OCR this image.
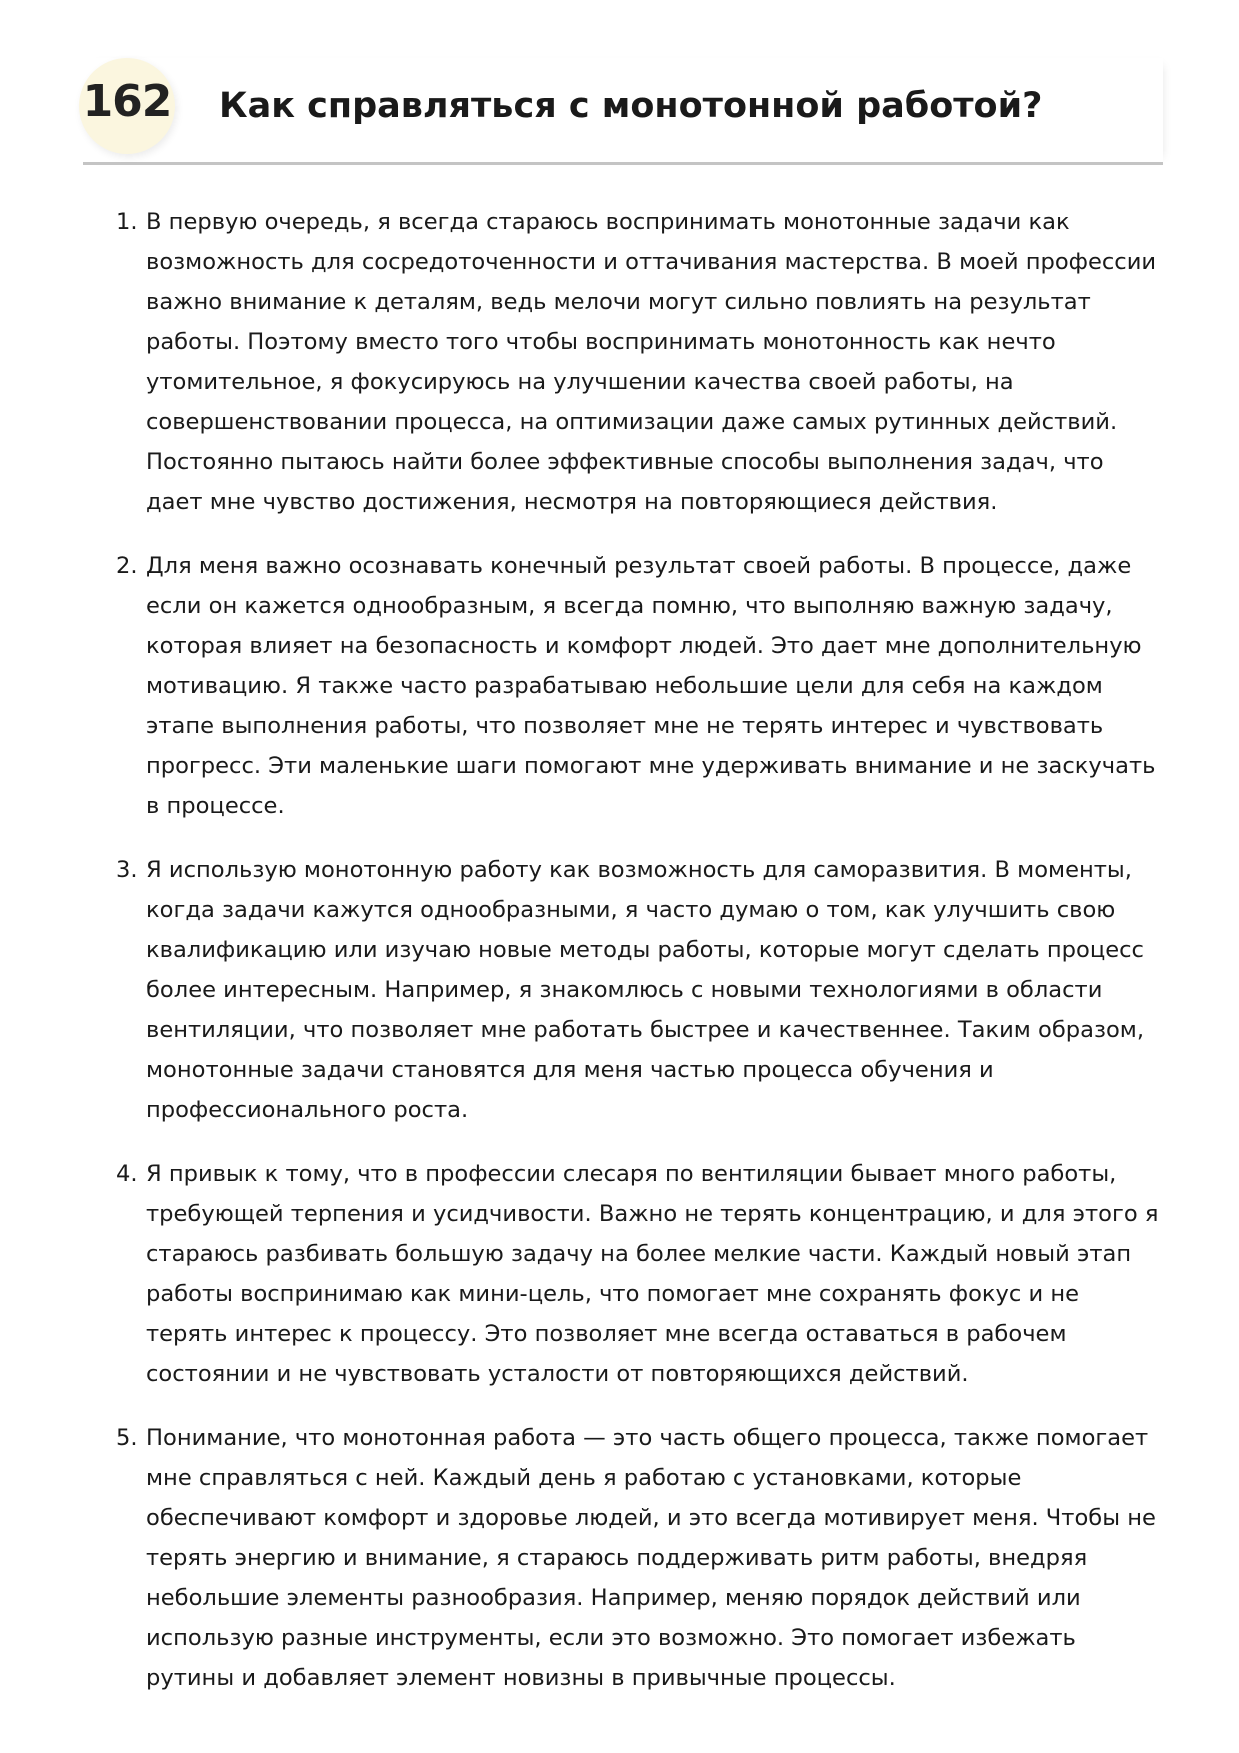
162 Как справляться с монотонной работой?
1. В первую очередь, я всегда стараюсь воспринимать монотонные задачи как возможность для сосредоточенности и оттачивания мастерства. В моей профессии важно внимание к деталям, ведь мелочи могут сильно повлиять на результат работы. Поэтому вместо того чтобы воспринимать монотонность как нечто утомительное, я фокусируюсь на улучшении качества своей работы, на совершенствовании процесса, на оптимизации даже самых рутинных действий. Постоянно пытаюсь найти более эффективные способы выполнения задач, что дает мне чувство достижения, несмотря на повторяющиеся действия.
2. Для меня важно осознавать конечный результат своей работы. В процессе, даже если он кажется однообразным, я всегда помню, что выполняю важную задачу, которая влияет на безопасность и комфорт людей. Это дает мне дополнительную мотивацию. Я также часто разрабатываю небольшие цели для себя на каждом этапе выполнения работы, что позволяет мне не терять интерес и чувствовать прогресс. Эти маленькие шаги помогают мне удерживать внимание и не заскучать в процессе.
3. Я использую монотонную работу как возможность для саморазвития. В моменты, когда задачи кажутся однообразными, я часто думаю о том, как улучшить свою квалификацию или изучаю новые методы работы, которые могут сделать процесс более интересным. Например, я знакомлюсь с новыми технологиями в области вентиляции, что позволяет мне работать быстрее и качественнее. Таким образом, монотонные задачи становятся для меня частью процесса обучения и профессионального роста.
4. Я привык к тому, что в профессии слесаря по вентиляции бывает много работы, требующей терпения и усидчивости. Важно не терять концентрацию, и для этого я стараюсь разбивать большую задачу на более мелкие части. Каждый новый этап работы воспринимаю как мини-цель, что помогает мне сохранять фокус и не терять интерес к процессу. Это позволяет мне всегда оставаться в рабочем состоянии и не чувствовать усталости от повторяющихся действий.
5. Понимание, что монотонная работа — это часть общего процесса, также помогает мне справляться с ней. Каждый день я работаю с установками, которые обеспечивают комфорт и здоровье людей, и это всегда мотивирует меня. Чтобы не терять энергию и внимание, я стараюсь поддерживать ритм работы, внедряя небольшие элементы разнообразия. Например, меняю порядок действий или использую разные инструменты, если это возможно. Это помогает избежать рутины и добавляет элемент новизны в привычные процессы.
